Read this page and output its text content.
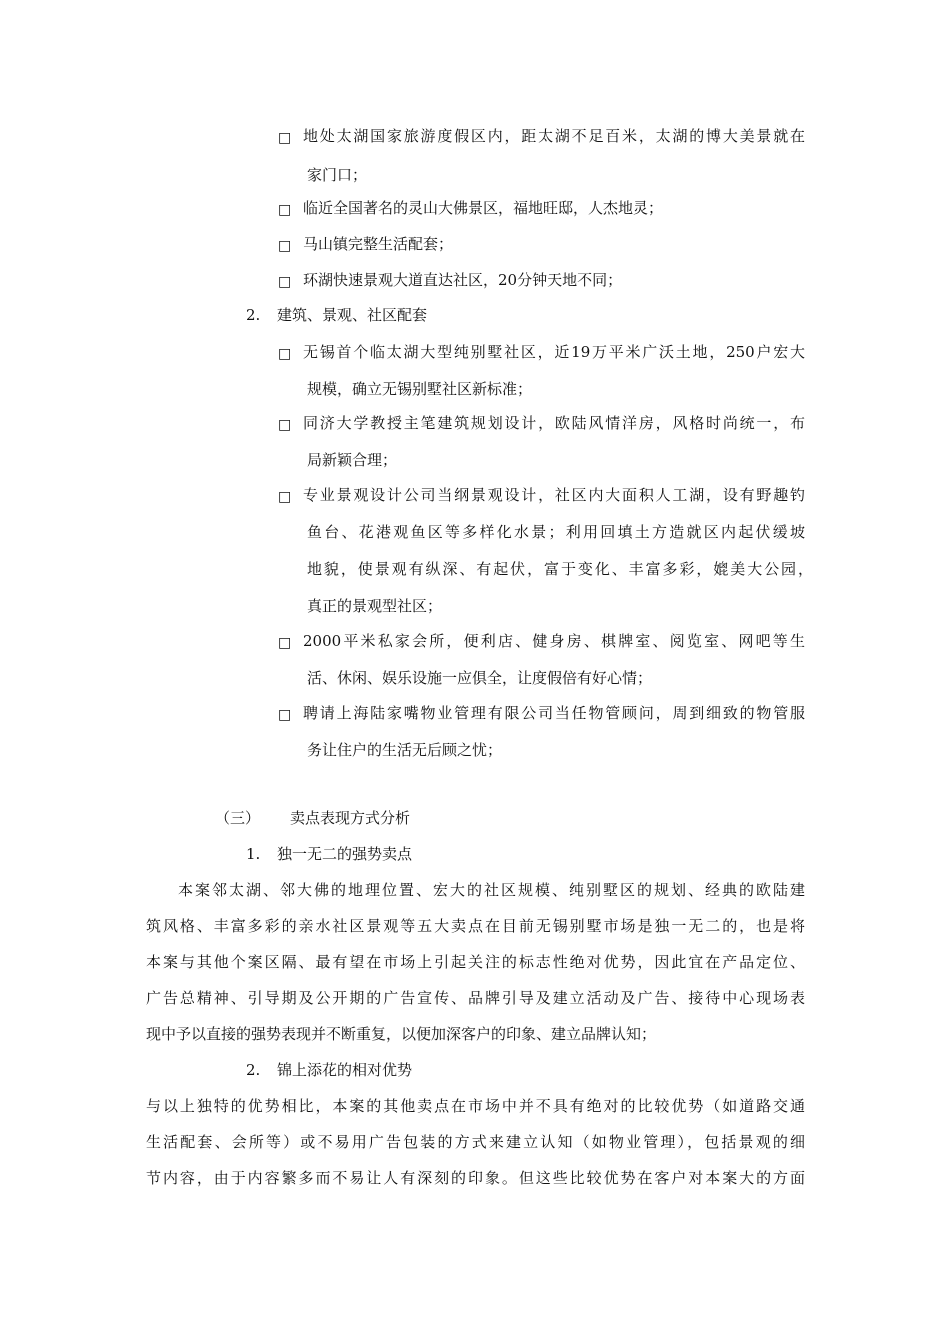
□ 地处太湖国家旅游度假区内，距太湖不足百米，太湖的博大美景就在
家门口；
□ 临近全国著名的灵山大佛景区，福地旺邸，人杰地灵；
□ 马山镇完整生活配套；
□ 环湖快速景观大道直达社区，20分钟天地不同；
2. 建筑、景观、社区配套
□ 无锡首个临太湖大型纯别墅社区，近19万平米广沃土地，250户宏大
规模，确立无锡别墅社区新标准；
□ 同济大学教授主笔建筑规划设计，欧陆风情洋房，风格时尚统一，布
局新颖合理；
□ 专业景观设计公司当纲景观设计，社区内大面积人工湖，设有野趣钓
鱼台、花港观鱼区等多样化水景；利用回填土方造就区内起伏缓坡
地貌，使景观有纵深、有起伏，富于变化、丰富多彩，媲美大公园，
真正的景观型社区；
□ 2000平米私家会所，便利店、健身房、棋牌室、阅览室、网吧等生
活、休闲、娱乐设施一应俱全，让度假倍有好心情；
□ 聘请上海陆家嘴物业管理有限公司当任物管顾问，周到细致的物管服
务让住户的生活无后顾之忧；
（三） 卖点表现方式分析
1. 独一无二的强势卖点
本案邻太湖、邻大佛的地理位置、宏大的社区规模、纯别墅区的规划、经典的欧陆建
筑风格、丰富多彩的亲水社区景观等五大卖点在目前无锡别墅市场是独一无二的，也是将
本案与其他个案区隔、最有望在市场上引起关注的标志性绝对优势，因此宜在产品定位、
广告总精神、引导期及公开期的广告宣传、品牌引导及建立活动及广告、接待中心现场表
现中予以直接的强势表现并不断重复，以便加深客户的印象、建立品牌认知；
2. 锦上添花的相对优势
与以上独特的优势相比，本案的其他卖点在市场中并不具有绝对的比较优势（如道路交通
生活配套、会所等）或不易用广告包装的方式来建立认知（如物业管理），包括景观的细
节内容，由于内容繁多而不易让人有深刻的印象。但这些比较优势在客户对本案大的方面
